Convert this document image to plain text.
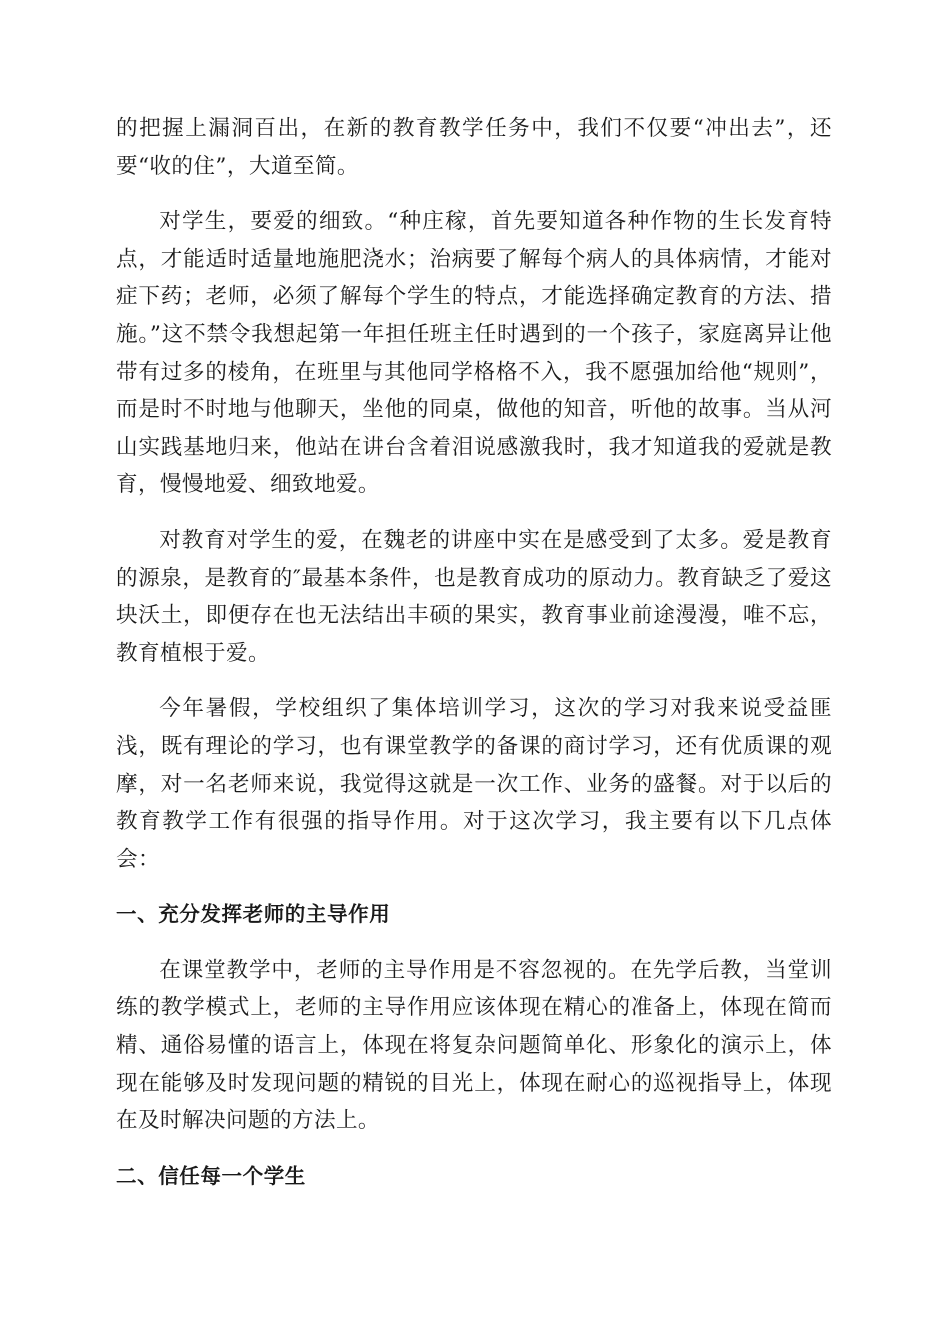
的把握上漏洞百出，在新的教育教学任务中，我们不仅要“冲出去”，还要“收的住”，大道至简。

对学生，要爱的细致。“种庄稼，首先要知道各种作物的生长发育特点，才能适时适量地施肥浇水；治病要了解每个病人的具体病情，才能对症下药；老师，必须了解每个学生的特点，才能选择确定教育的方法、措施。”这不禁令我想起第一年担任班主任时遇到的一个孩子，家庭离异让他带有过多的棱角，在班里与其他同学格格不入，我不愿强加给他“规则”，而是时不时地与他聊天，坐他的同桌，做他的知音，听他的故事。当从河山实践基地归来，他站在讲台含着泪说感激我时，我才知道我的爱就是教育，慢慢地爱、细致地爱。

对教育对学生的爱，在魏老的讲座中实在是感受到了太多。爱是教育的源泉，是教育的″最基本条件，也是教育成功的原动力。教育缺乏了爱这块沃土，即便存在也无法结出丰硕的果实，教育事业前途漫漫，唯不忘，教育植根于爱。

今年暑假，学校组织了集体培训学习，这次的学习对我来说受益匪浅，既有理论的学习，也有课堂教学的备课的商讨学习，还有优质课的观摩，对一名老师来说，我觉得这就是一次工作、业务的盛餐。对于以后的教育教学工作有很强的指导作用。对于这次学习，我主要有以下几点体会：

一、充分发挥老师的主导作用

在课堂教学中，老师的主导作用是不容忽视的。在先学后教，当堂训练的教学模式上，老师的主导作用应该体现在精心的准备上，体现在简而精、通俗易懂的语言上，体现在将复杂问题简单化、形象化的演示上，体现在能够及时发现问题的精锐的目光上，体现在耐心的巡视指导上，体现在及时解决问题的方法上。

二、信任每一个学生
